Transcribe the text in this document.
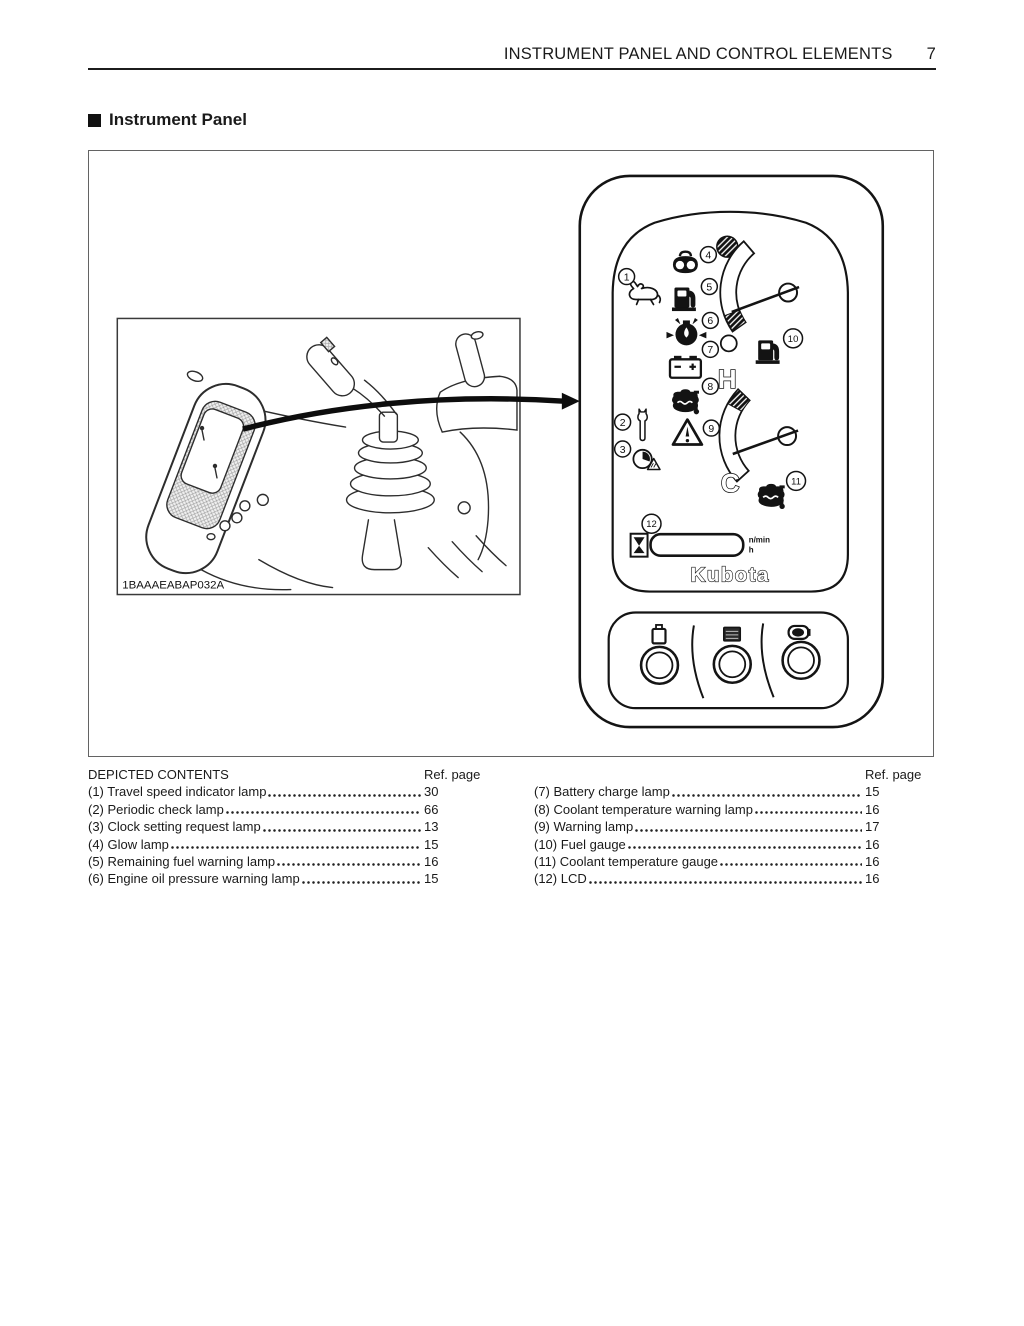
INSTRUMENT PANEL AND CONTROL ELEMENTS 7
Instrument Panel
1BAAAEABAP032A
H
C
n/min
h
Kubota
1
2
3
4
5
6
7
8
9
10
11
12
DEPICTED CONTENTS	Ref. page
(1) Travel speed indicator lamp	30
(2) Periodic check lamp	66
(3) Clock setting request lamp	13
(4) Glow lamp	15
(5) Remaining fuel warning lamp	16
(6) Engine oil pressure warning lamp	15
Ref. page
(7) Battery charge lamp	15
(8) Coolant temperature warning lamp	16
(9) Warning lamp	17
(10) Fuel gauge	16
(11) Coolant temperature gauge	16
(12) LCD	16
